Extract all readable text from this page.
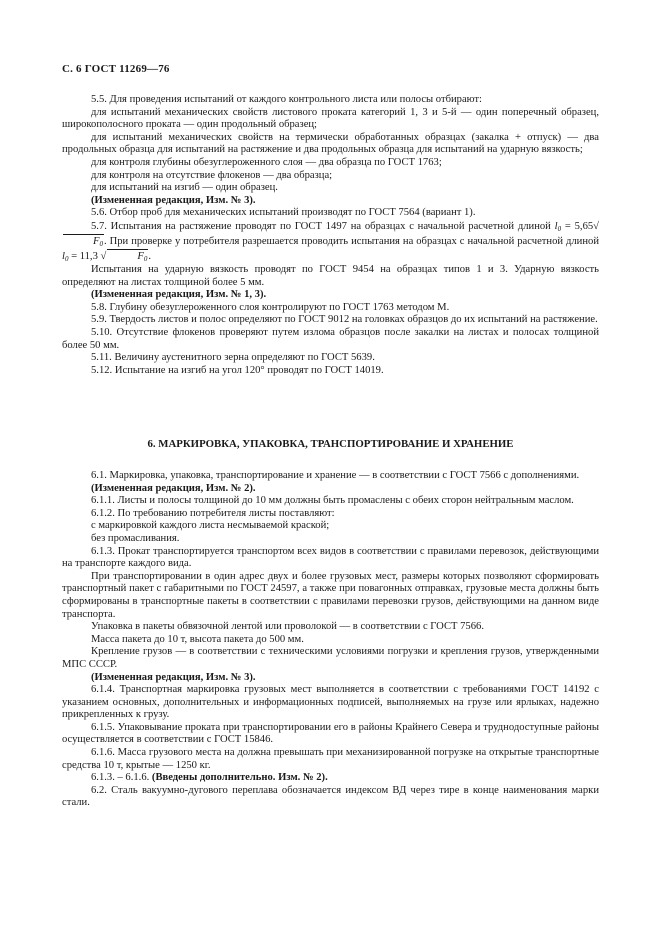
С. 6 ГОСТ 11269—76

5.5. Для проведения испытаний от каждого контрольного листа или полосы отбирают:

для испытаний механических свойств листового проката категорий 1, 3 и 5-й — один поперечный образец, широкополосного проката — один продольный образец;

для испытаний механических свойств на термически обработанных образцах (закалка + отпуск) — два продольных образца для испытаний на растяжение и два продольных образца для испытаний на ударную вязкость;

для контроля глубины обезуглероженного слоя — два образца по ГОСТ 1763;

для контроля на отсутствие флокенов — два образца;

для испытаний на изгиб — один образец.

(Измененная редакция, Изм. № 3).

5.6. Отбор проб для механических испытаний производят по ГОСТ 7564 (вариант 1).

5.7. Испытания на растяжение проводят по ГОСТ 1497 на образцах с начальной расчетной длиной $l_0 = 5,65√F_0$. При проверке у потребителя разрешается проводить испытания на образцах с начальной расчетной длиной $l_0 = 11,3$ √	$F_0$.

Испытания на ударную вязкость проводят по ГОСТ 9454 на образцах типов 1 и 3. Ударную вязкость определяют на листах толщиной более 5 мм.

(Измененная редакция, Изм. № 1, 3).

5.8. Глубину обезуглероженного слоя контролируют по ГОСТ 1763 методом М.

5.9. Твердость листов и полос определяют по ГОСТ 9012 на головках образцов до их испытаний на растяжение.

5.10. Отсутствие флокенов проверяют путем излома образцов после закалки на листах и полосах толщиной более 50 мм.

5.11. Величину аустенитного зерна определяют по ГОСТ 5639.

5.12. Испытание на изгиб на угол 120° проводят по ГОСТ 14019.

6. МАРКИРОВКА, УПАКОВКА, ТРАНСПОРТИРОВАНИЕ И ХРАНЕНИЕ

6.1. Маркировка, упаковка, транспортирование и хранение — в соответствии с ГОСТ 7566 с дополнениями.

(Измененная редакция, Изм. № 2).

6.1.1. Листы и полосы толщиной до 10 мм должны быть промаслены с обеих сторон нейтральным маслом.

6.1.2. По требованию потребителя листы поставляют:

с маркировкой каждого листа несмываемой краской;

без промасливания.

6.1.3. Прокат транспортируется транспортом всех видов в соответствии с правилами перевозок, действующими на транспорте каждого вида.

При транспортировании в один адрес двух и более грузовых мест, размеры которых позволяют сформировать транспортный пакет с габаритными по ГОСТ 24597, а также при повагонных отправках, грузовые места должны быть сформированы в транспортные пакеты в соответствии с правилами перевозки грузов, действующими на данном виде транспорта.

Упаковка в пакеты обвязочной лентой или проволокой — в соответствии с ГОСТ 7566.

Масса пакета до 10 т, высота пакета до 500 мм.

Крепление грузов — в соответствии с техническими условиями погрузки и крепления грузов, утвержденными МПС СССР.

(Измененная редакция, Изм. № 3).

6.1.4. Транспортная маркировка грузовых мест выполняется в соответствии с требованиями ГОСТ 14192 с указанием основных, дополнительных и информационных подписей, выполняемых на грузе или ярлыках, надежно прикрепленных к грузу.

6.1.5. Упаковывание проката при транспортировании его в районы Крайнего Севера и труднодоступные районы осуществляется в соответствии с ГОСТ 15846.

6.1.6. Масса грузового места на должна превышать при механизированной погрузке на открытые транспортные средства 10 т, крытые — 1250 кг.

6.1.3. – 6.1.6. (Введены дополнительно. Изм. № 2).

6.2. Сталь вакуумно-дугового переплава обозначается индексом ВД через тире в конце наименования марки стали.
